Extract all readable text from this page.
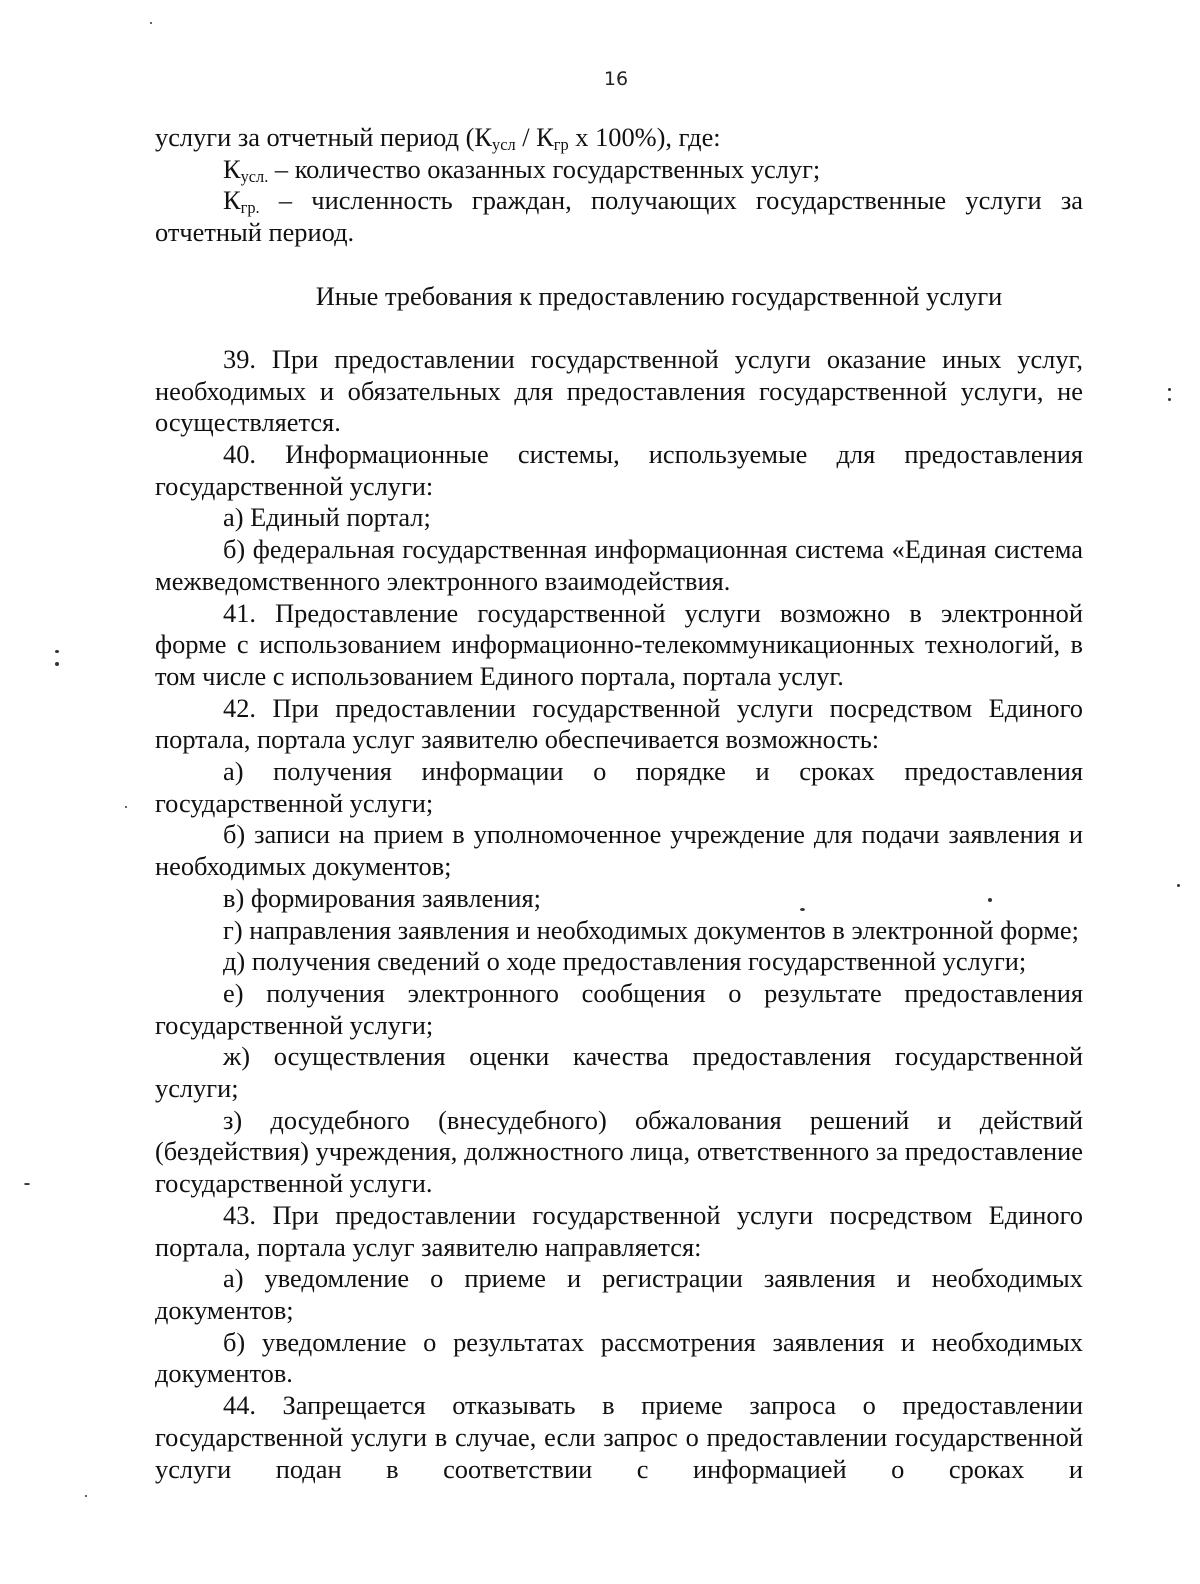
16

услуги за отчетный период ($К_{усл} / К_{гр}$ х 100%), где:

$К_{усл.}$ – количество оказанных государственных услуг;

$К_{гр.}$ – численность граждан, получающих государственные услуги за отчетный период.

Иные требования к предоставлению государственной услуги

39. При предоставлении государственной услуги оказание иных услуг, необходимых и обязательных для предоставления государственной услуги, не осуществляется.

40. Информационные системы, используемые для предоставления государственной услуги:

а) Единый портал;

б) федеральная государственная информационная система «Единая система межведомственного электронного взаимодействия.

41. Предоставление государственной услуги возможно в электронной форме с использованием информационно-телекоммуникационных технологий, в том числе с использованием Единого портала, портала услуг.

42. При предоставлении государственной услуги посредством Единого портала, портала услуг заявителю обеспечивается возможность:

а) получения информации о порядке и сроках предоставления государственной услуги;

б) записи на прием в уполномоченное учреждение для подачи заявления и необходимых документов;

в) формирования заявления;

г) направления заявления и необходимых документов в электронной форме;

д) получения сведений о ходе предоставления государственной услуги;

е) получения электронного сообщения о результате предоставления государственной услуги;

ж) осуществления оценки качества предоставления государственной услуги;

з) досудебного (внесудебного) обжалования решений и действий (бездействия) учреждения, должностного лица, ответственного за предоставление государственной услуги.

43. При предоставлении государственной услуги посредством Единого портала, портала услуг заявителю направляется:

а) уведомление о приеме и регистрации заявления и необходимых документов;

б) уведомление о результатах рассмотрения заявления и необходимых документов.

44. Запрещается отказывать в приеме запроса о предоставлении государственной услуги в случае, если запрос о предоставлении государственной услуги подан в соответствии с информацией о сроках и
